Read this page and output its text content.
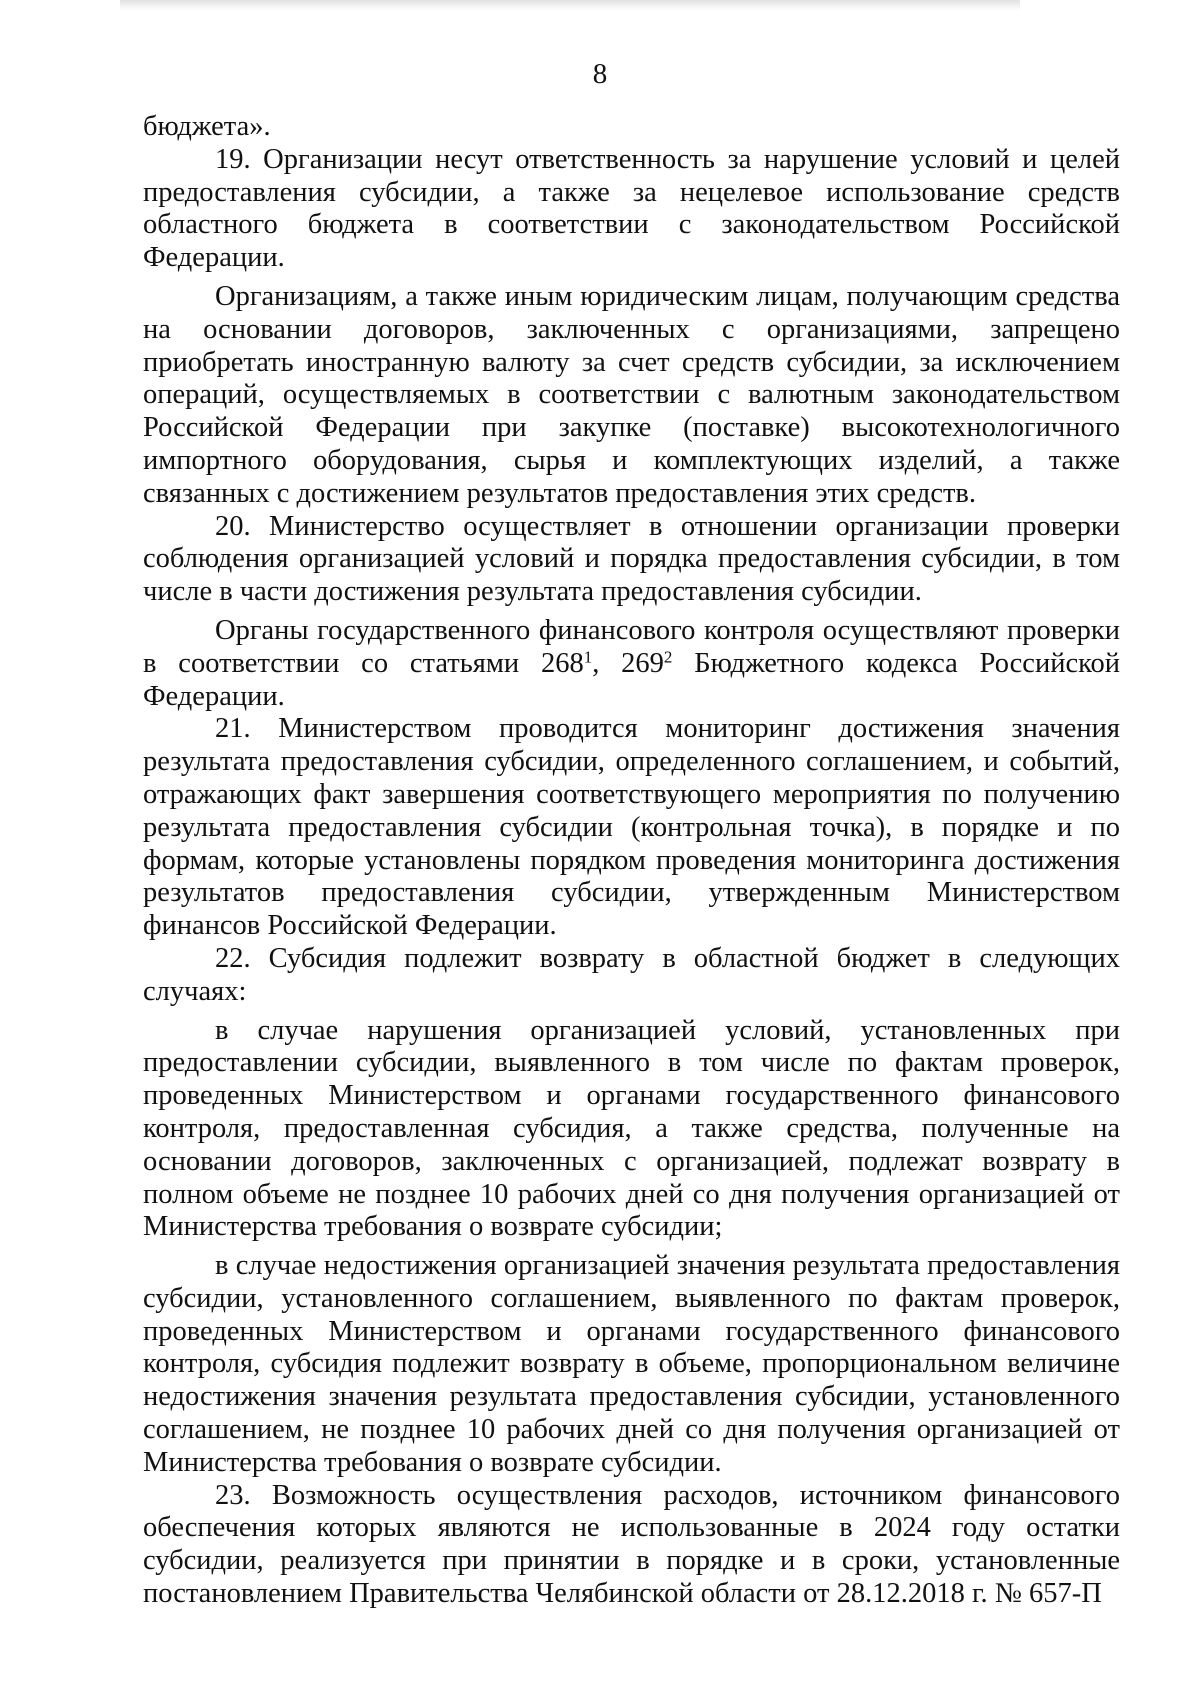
8

бюджета».

19. Организации несут ответственность за нарушение условий и целей предоставления субсидии, а также за нецелевое использование средств областного бюджета в соответствии с законодательством Российской Федерации.

Организациям, а также иным юридическим лицам, получающим средства на основании договоров, заключенных с организациями, запрещено приобретать иностранную валюту за счет средств субсидии, за исключением операций, осуществляемых в соответствии с валютным законодательством Российской Федерации при закупке (поставке) высокотехнологичного импортного оборудования, сырья и комплектующих изделий, а также связанных с достижением результатов предоставления этих средств.

20. Министерство осуществляет в отношении организации проверки соблюдения организацией условий и порядка предоставления субсидии, в том числе в части достижения результата предоставления субсидии.

Органы государственного финансового контроля осуществляют проверки в соответствии со статьями $268^1$, $269^2$ Бюджетного кодекса Российской Федерации.

21. Министерством проводится мониторинг достижения значения результата предоставления субсидии, определенного соглашением, и событий, отражающих факт завершения соответствующего мероприятия по получению результата предоставления субсидии (контрольная точка), в порядке и по формам, которые установлены порядком проведения мониторинга достижения результатов предоставления субсидии, утвержденным Министерством финансов Российской Федерации.

22. Субсидия подлежит возврату в областной бюджет в следующих случаях:

в случае нарушения организацией условий, установленных при предоставлении субсидии, выявленного в том числе по фактам проверок, проведенных Министерством и органами государственного финансового контроля, предоставленная субсидия, а также средства, полученные на основании договоров, заключенных с организацией, подлежат возврату в полном объеме не позднее 10 рабочих дней со дня получения организацией от Министерства требования о возврате субсидии;

в случае недостижения организацией значения результата предоставления субсидии, установленного соглашением, выявленного по фактам проверок, проведенных Министерством и органами государственного финансового контроля, субсидия подлежит возврату в объеме, пропорциональном величине недостижения значения результата предоставления субсидии, установленного соглашением, не позднее 10 рабочих дней со дня получения организацией от Министерства требования о возврате субсидии.

23. Возможность осуществления расходов, источником финансового обеспечения которых являются не использованные в 2024 году остатки субсидии, реализуется при принятии в порядке и в сроки, установленные постановлением Правительства Челябинской области от 28.12.2018 г. № 657-П
